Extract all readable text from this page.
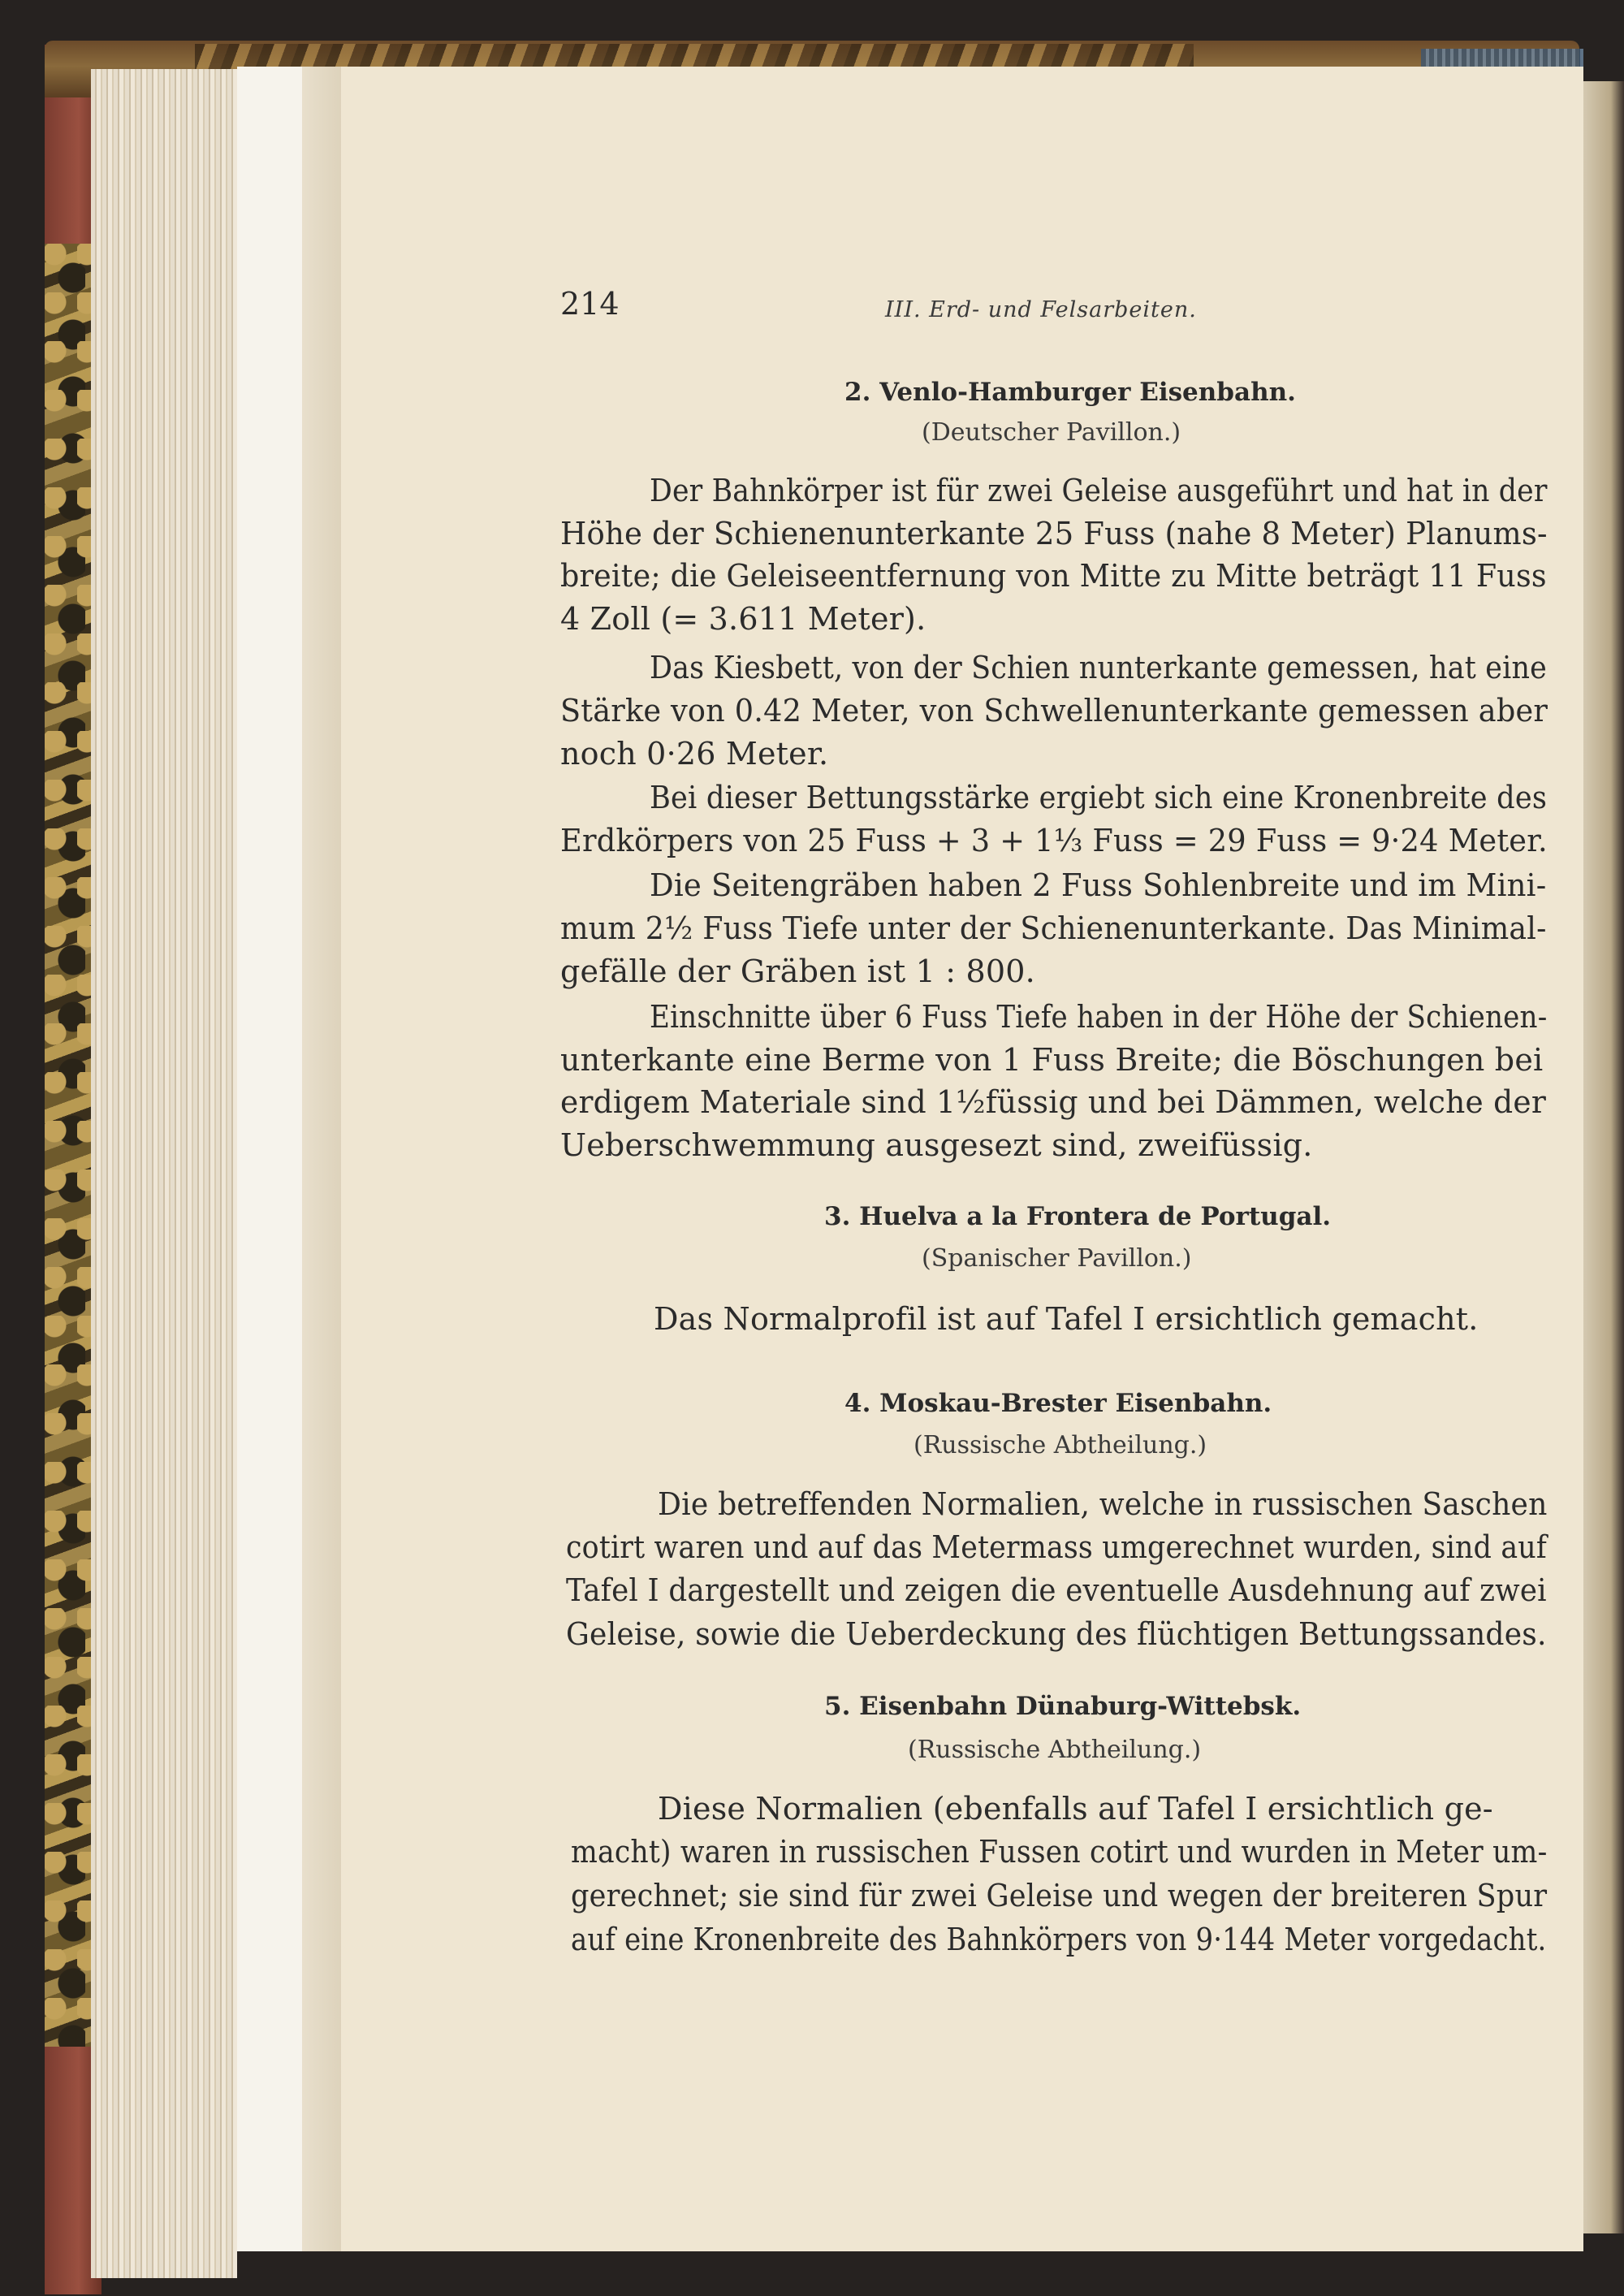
214	III. Erd- und Felsarbeiten.
2. Venlo-Hamburger Eisenbahn.
(Deutscher Pavillon.)
Der Bahnkörper ist für zwei Geleise ausgeführt und hat in der
Höhe der Schienenunterkante 25 Fuss (nahe 8 Meter) Planums-
breite; die Geleiseentfernung von Mitte zu Mitte beträgt 11 Fuss
4 Zoll (= 3.611 Meter).
Das Kiesbett, von der Schien nunterkante gemessen, hat eine
Stärke von 0.42 Meter, von Schwellenunterkante gemessen aber
noch 0·26 Meter.
Bei dieser Bettungsstärke ergiebt sich eine Kronenbreite des
Erdkörpers von 25 Fuss + 3 + 1⅓ Fuss = 29 Fuss = 9·24 Meter.
Die Seitengräben haben 2 Fuss Sohlenbreite und im Mini-
mum 2½ Fuss Tiefe unter der Schienenunterkante. Das Minimal-
gefälle der Gräben ist 1 : 800.
Einschnitte über 6 Fuss Tiefe haben in der Höhe der Schienen-
unterkante eine Berme von 1 Fuss Breite; die Böschungen bei
erdigem Materiale sind 1½füssig und bei Dämmen, welche der
Ueberschwemmung ausgesezt sind, zweifüssig.
3. Huelva a la Frontera de Portugal.
(Spanischer Pavillon.)
Das Normalprofil ist auf Tafel I ersichtlich gemacht.
4. Moskau-Brester Eisenbahn.
(Russische Abtheilung.)
Die betreffenden Normalien, welche in russischen Saschen
cotirt waren und auf das Metermass umgerechnet wurden, sind auf
Tafel I dargestellt und zeigen die eventuelle Ausdehnung auf zwei
Geleise, sowie die Ueberdeckung des flüchtigen Bettungssandes.
5. Eisenbahn Dünaburg-Wittebsk.
(Russische Abtheilung.)
Diese Normalien (ebenfalls auf Tafel I ersichtlich ge-
macht) waren in russischen Fussen cotirt und wurden in Meter um-
gerechnet; sie sind für zwei Geleise und wegen der breiteren Spur
auf eine Kronenbreite des Bahnkörpers von 9·144 Meter vorgedacht.
